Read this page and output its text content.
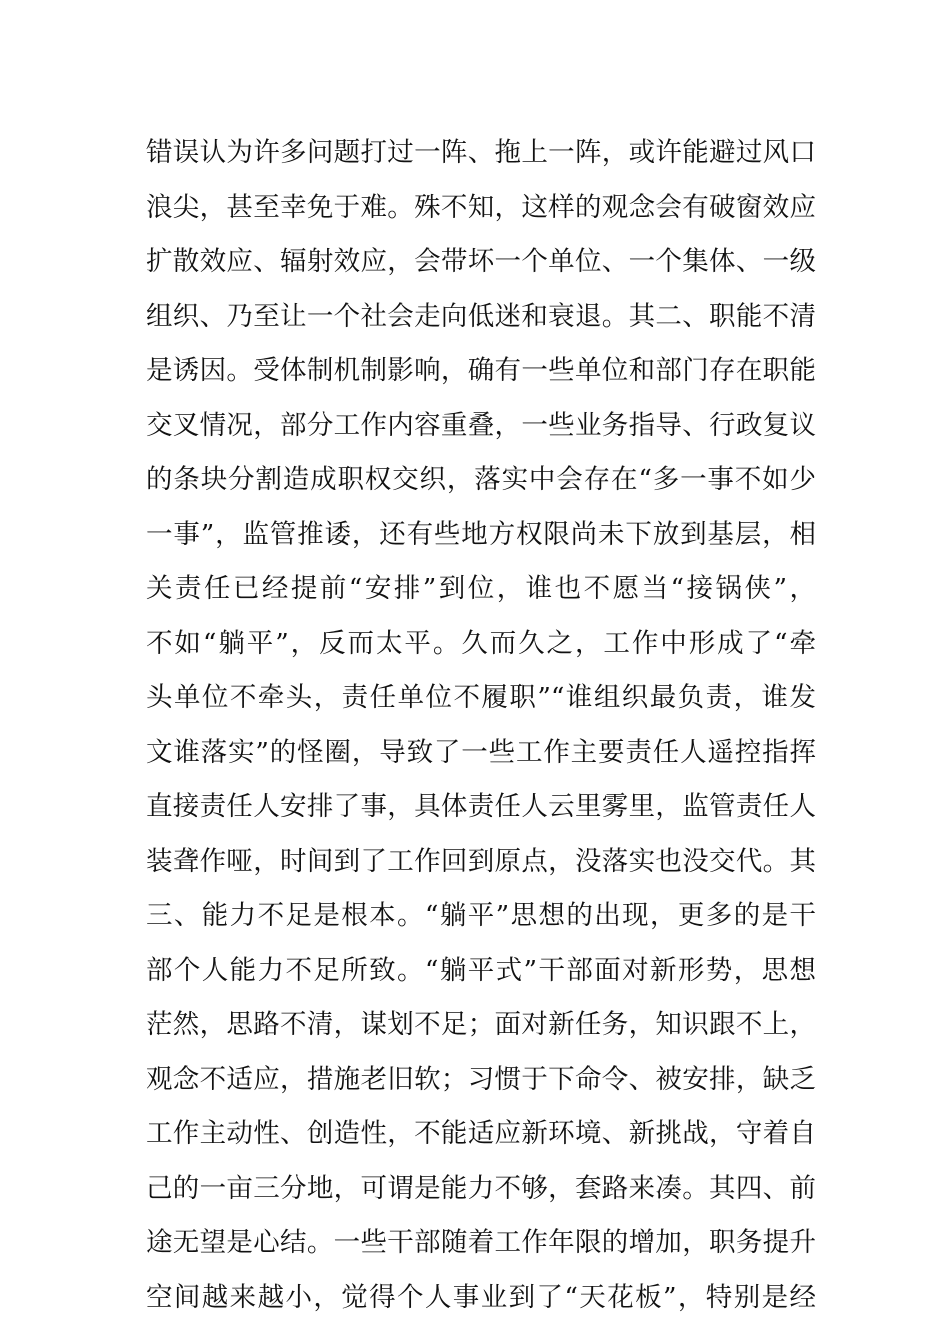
错误认为许多问题打过一阵、拖上一阵，或许能避过风口
浪尖，甚至幸免于难。殊不知，这样的观念会有破窗效应
扩散效应、辐射效应，会带坏一个单位、一个集体、一级
组织、乃至让一个社会走向低迷和衰退。其二、职能不清
是诱因。受体制机制影响，确有一些单位和部门存在职能
交叉情况，部分工作内容重叠，一些业务指导、行政复议
的条块分割造成职权交织，落实中会存在“多一事不如少
一事”，监管推诿，还有些地方权限尚未下放到基层，相
关责任已经提前“安排”到位，谁也不愿当“接锅侠”，
不如“躺平”，反而太平。久而久之，工作中形成了“牵
头单位不牵头，责任单位不履职”“谁组织最负责，谁发
文谁落实”的怪圈，导致了一些工作主要责任人遥控指挥
直接责任人安排了事，具体责任人云里雾里，监管责任人
装聋作哑，时间到了工作回到原点，没落实也没交代。其
三、能力不足是根本。“躺平”思想的出现，更多的是干
部个人能力不足所致。“躺平式”干部面对新形势，思想
茫然，思路不清，谋划不足；面对新任务，知识跟不上，
观念不适应，措施老旧软；习惯于下命令、被安排，缺乏
工作主动性、创造性，不能适应新环境、新挑战，守着自
己的一亩三分地，可谓是能力不够，套路来凑。其四、前
途无望是心结。一些干部随着工作年限的增加，职务提升
空间越来越小，觉得个人事业到了“天花板”，特别是经
